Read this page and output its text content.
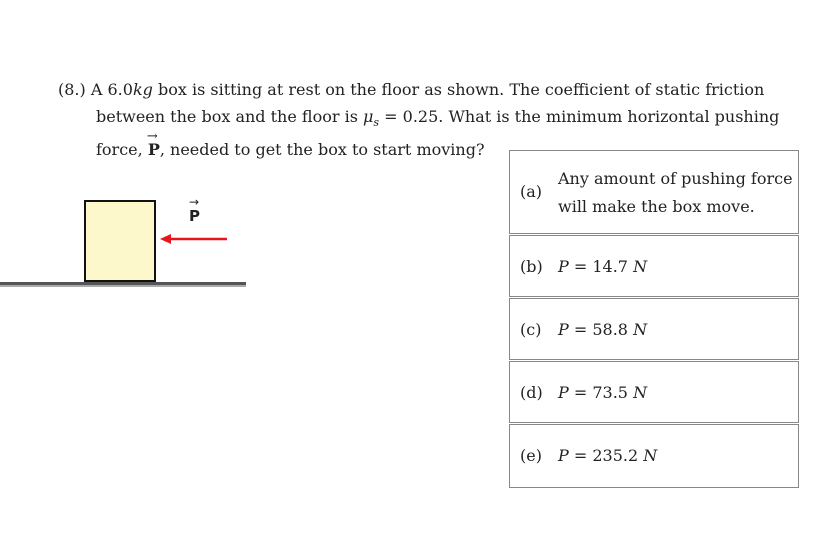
(8.) A 6.0kg box is sitting at rest on the floor as shown. The coefficient of static friction
between the box and the floor is $\mu_s = 0.25$. What is the minimum horizontal pushing
force, → P, needed to get the box to start moving?
→ P
(a)
Any amount of pushing force
will make the box move.
(b) P = 14.7 N
(c) P = 58.8 N
(d) P = 73.5 N
(e) P = 235.2 N
